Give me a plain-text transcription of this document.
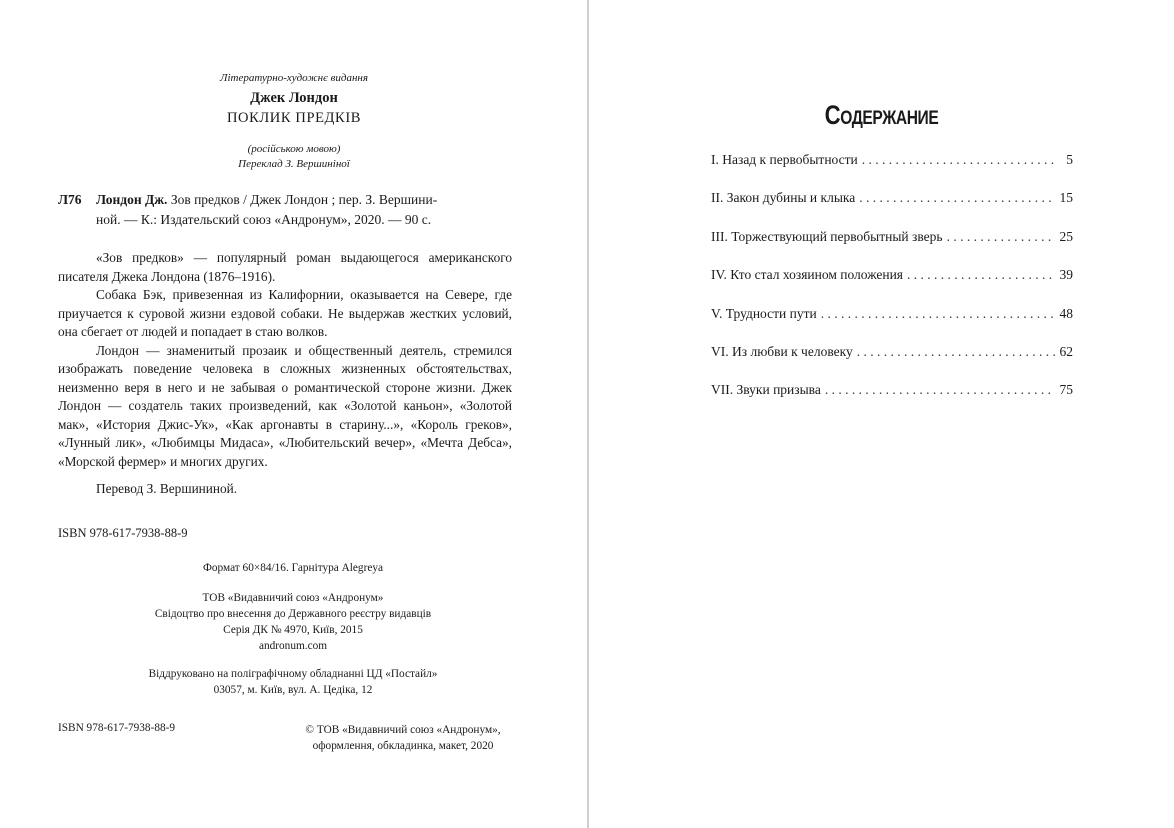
Літературно-художнє видання
Джек Лондон
ПОКЛИК ПРЕДКІВ
(російською мовою)
Переклад З. Вершиніної
Л76 Лондон Дж. Зов предков / Джек Лондон ; пер. З. Вершини-
ной. — К.: Издательский союз «Андронум», 2020. — 90 с.

«Зов предков» — популярный роман выдающегося американского писателя Джека Лондона (1876–1916).

Собака Бэк, привезенная из Калифорнии, оказывается на Севере, где приучается к суровой жизни ездовой собаки. Не выдержав жестких условий, она сбегает от людей и попадает в стаю волков.

Лондон — знаменитый прозаик и общественный деятель, стремился изображать поведение человека в сложных жизненных обстоятельствах, неизменно веря в него и не забывая о романтической стороне жизни. Джек Лондон — создатель таких произведений, как «Золотой каньон», «Золотой мак», «История Джис-Ук», «Как аргонавты в старину...», «Король греков», «Лунный лик», «Любимцы Мидаса», «Любительский вечер», «Мечта Дебса», «Морской фермер» и многих других.

Перевод З. Вершининой.

ISBN 978-617-7938-88-9
Формат 60×84/16. Гарнітура Alegreya
ТОВ «Видавничий союз «Андронум»
Свідоцтво про внесення до Державного реєстру видавців
Серія ДК № 4970, Київ, 2015
andronum.com
Віддруковано на поліграфічному обладнанні ЦД «Постайл»
03057, м. Київ, вул. А. Цедіка, 12
ISBN 978-617-7938-88-9	© ТОВ «Видавничий союз «Андронум»,
оформлення, обкладинка, макет, 2020
Содержание
I. Назад к первобытности . . .	5
II. Закон дубины и клыка . . .	15
III. Торжествующий первобытный зверь . . .	25
IV. Кто стал хозяином положения . . .	39
V. Трудности пути . . .	48
VI. Из любви к человеку . . .	62
VII. Звуки призыва . . .	75
